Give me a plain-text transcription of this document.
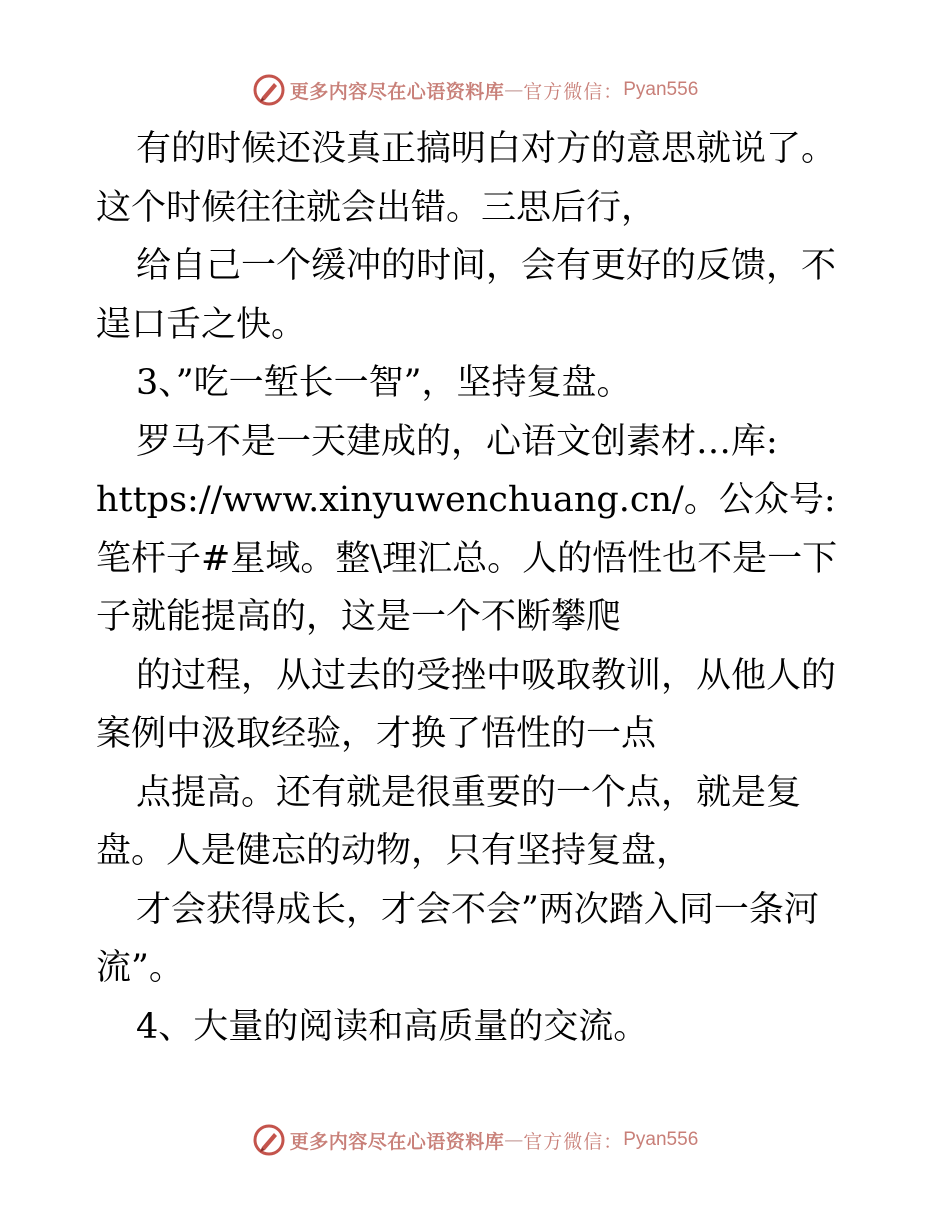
更多内容尽在心语资料库 — 官方微信： Pyan556

有的时候还没真正搞明白对方的意思就说了。这个时候往往就会出错。三思后行，

给自己一个缓冲的时间，会有更好的反馈，不逞口舌之快。

3、”吃一堑长一智”，坚持复盘。

罗马不是一天建成的，心语文创素材…库:

https://www.xinyuwenchuang.cn/。公众号: 笔杆子#星域。整\理汇总。人的悟性也不是一下子就能提高的，这是一个不断攀爬

的过程，从过去的受挫中吸取教训，从他人的案例中汲取经验，才换了悟性的一点

点提高。还有就是很重要的一个点，就是复盘。人是健忘的动物，只有坚持复盘，

才会获得成长，才会不会”两次踏入同一条河流”。

4、大量的阅读和高质量的交流。

更多内容尽在心语资料库 — 官方微信： Pyan556
